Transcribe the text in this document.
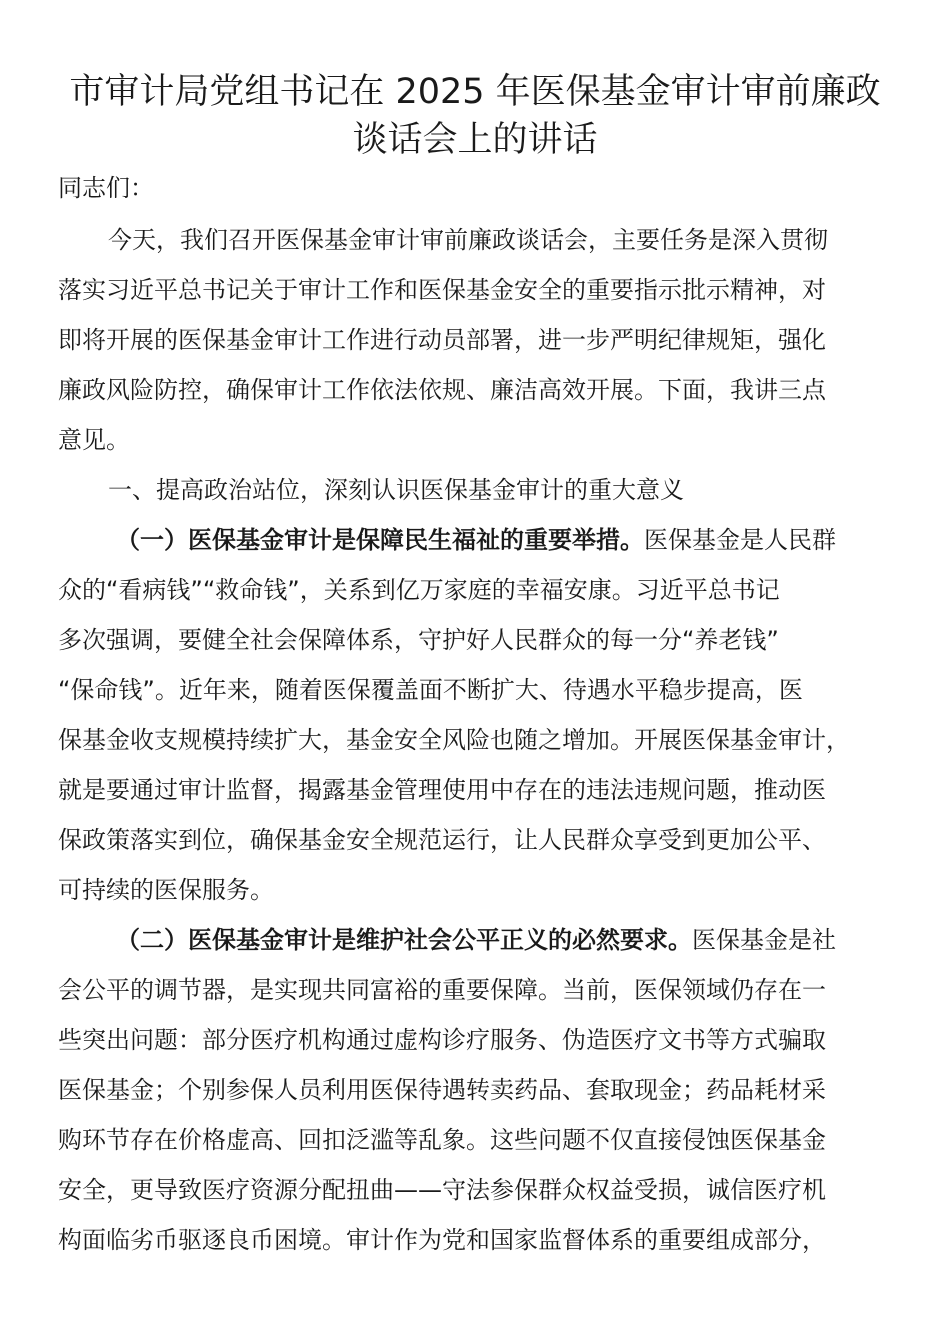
市审计局党组书记在 2025 年医保基金审计审前廉政
谈话会上的讲话
同志们：
今天，我们召开医保基金审计审前廉政谈话会，主要任务是深入贯彻
落实习近平总书记关于审计工作和医保基金安全的重要指示批示精神，对
即将开展的医保基金审计工作进行动员部署，进一步严明纪律规矩，强化
廉政风险防控，确保审计工作依法依规、廉洁高效开展。下面，我讲三点
意见。
一、提高政治站位，深刻认识医保基金审计的重大意义
（一）医保基金审计是保障民生福祉的重要举措。医保基金是人民群
众的“看病钱”“救命钱”，关系到亿万家庭的幸福安康。习近平总书记
多次强调，要健全社会保障体系，守护好人民群众的每一分“养老钱”
“保命钱”。近年来，随着医保覆盖面不断扩大、待遇水平稳步提高，医
保基金收支规模持续扩大，基金安全风险也随之增加。开展医保基金审计，
就是要通过审计监督，揭露基金管理使用中存在的违法违规问题，推动医
保政策落实到位，确保基金安全规范运行，让人民群众享受到更加公平、
可持续的医保服务。
（二）医保基金审计是维护社会公平正义的必然要求。医保基金是社
会公平的调节器，是实现共同富裕的重要保障。当前，医保领域仍存在一
些突出问题：部分医疗机构通过虚构诊疗服务、伪造医疗文书等方式骗取
医保基金；个别参保人员利用医保待遇转卖药品、套取现金；药品耗材采
购环节存在价格虚高、回扣泛滥等乱象。这些问题不仅直接侵蚀医保基金
安全，更导致医疗资源分配扭曲——守法参保群众权益受损，诚信医疗机
构面临劣币驱逐良币困境。审计作为党和国家监督体系的重要组成部分，
